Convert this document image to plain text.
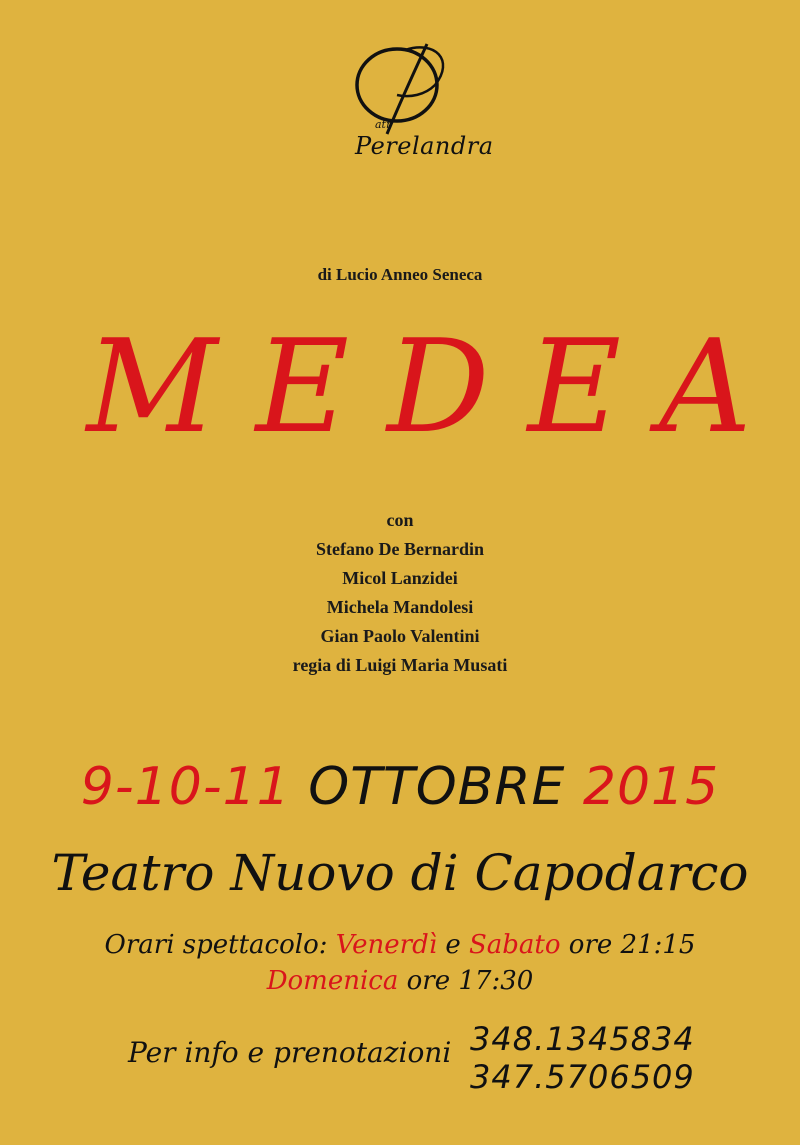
atr
Perelandra
di Lucio Anneo Seneca
MEDEA
con
Stefano De Bernardin
Micol Lanzidei
Michela Mandolesi
Gian Paolo Valentini
regia di Luigi Maria Musati
9-10-11 OTTOBRE 2015
Teatro Nuovo di Capodarco
Orari spettacolo: Venerdì e Sabato ore 21:15
Domenica ore 17:30
Per info e prenotazioni 348.1345834
347.5706509
